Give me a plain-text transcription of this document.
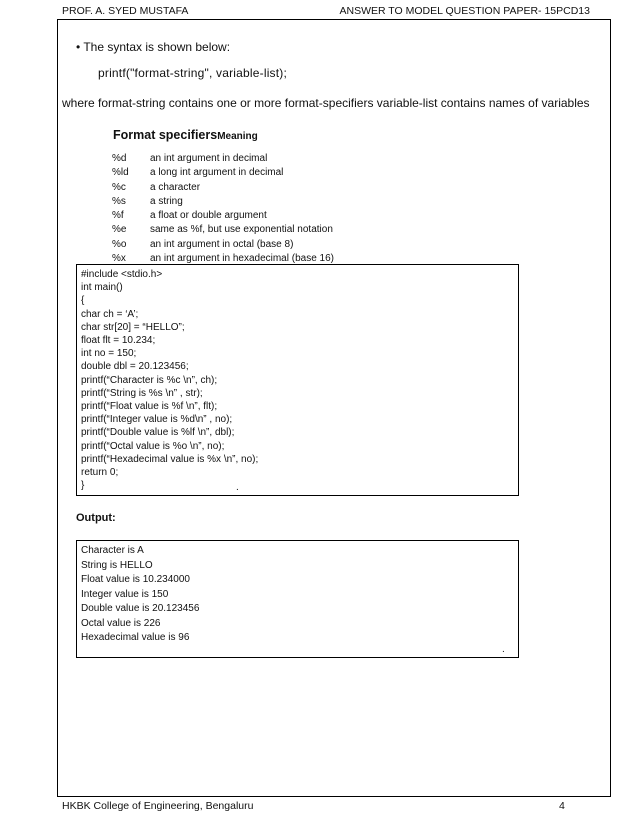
PROF. A. SYED MUSTAFA	ANSWER TO MODEL QUESTION PAPER- 15PCD13
• The syntax is shown below:
printf("format-string", variable-list);
where format-string contains one or more format-specifiers variable-list contains names of variables
Format specifiersMeaning
%d an int argument in decimal
%ld a long int argument in decimal
%c a character
%s a string
%f	a float or double argument
%e same as %f, but use exponential notation
%o an int argument in octal (base 8)
%x an int argument in hexadecimal (base 16)
#include <stdio.h>
int main()
{
char ch = ‘A’;
char str[20] = “HELLO”;
float flt = 10.234;
int no = 150;
double dbl = 20.123456;
printf(“Character is %c \n”, ch);
printf(“String is %s \n” , str);
printf(“Float value is %f \n”, flt);
printf(“Integer value is %d\n” , no);
printf(“Double value is %lf \n”, dbl);
printf(“Octal value is %o \n”, no);
printf(“Hexadecimal value is %x \n”, no);
return 0;
}	.
Output:
Character is A
String is HELLO
Float value is 10.234000
Integer value is 150
Double value is 20.123456
Octal value is 226
Hexadecimal value is 96
.
HKBK College of Engineering, Bengaluru	4
